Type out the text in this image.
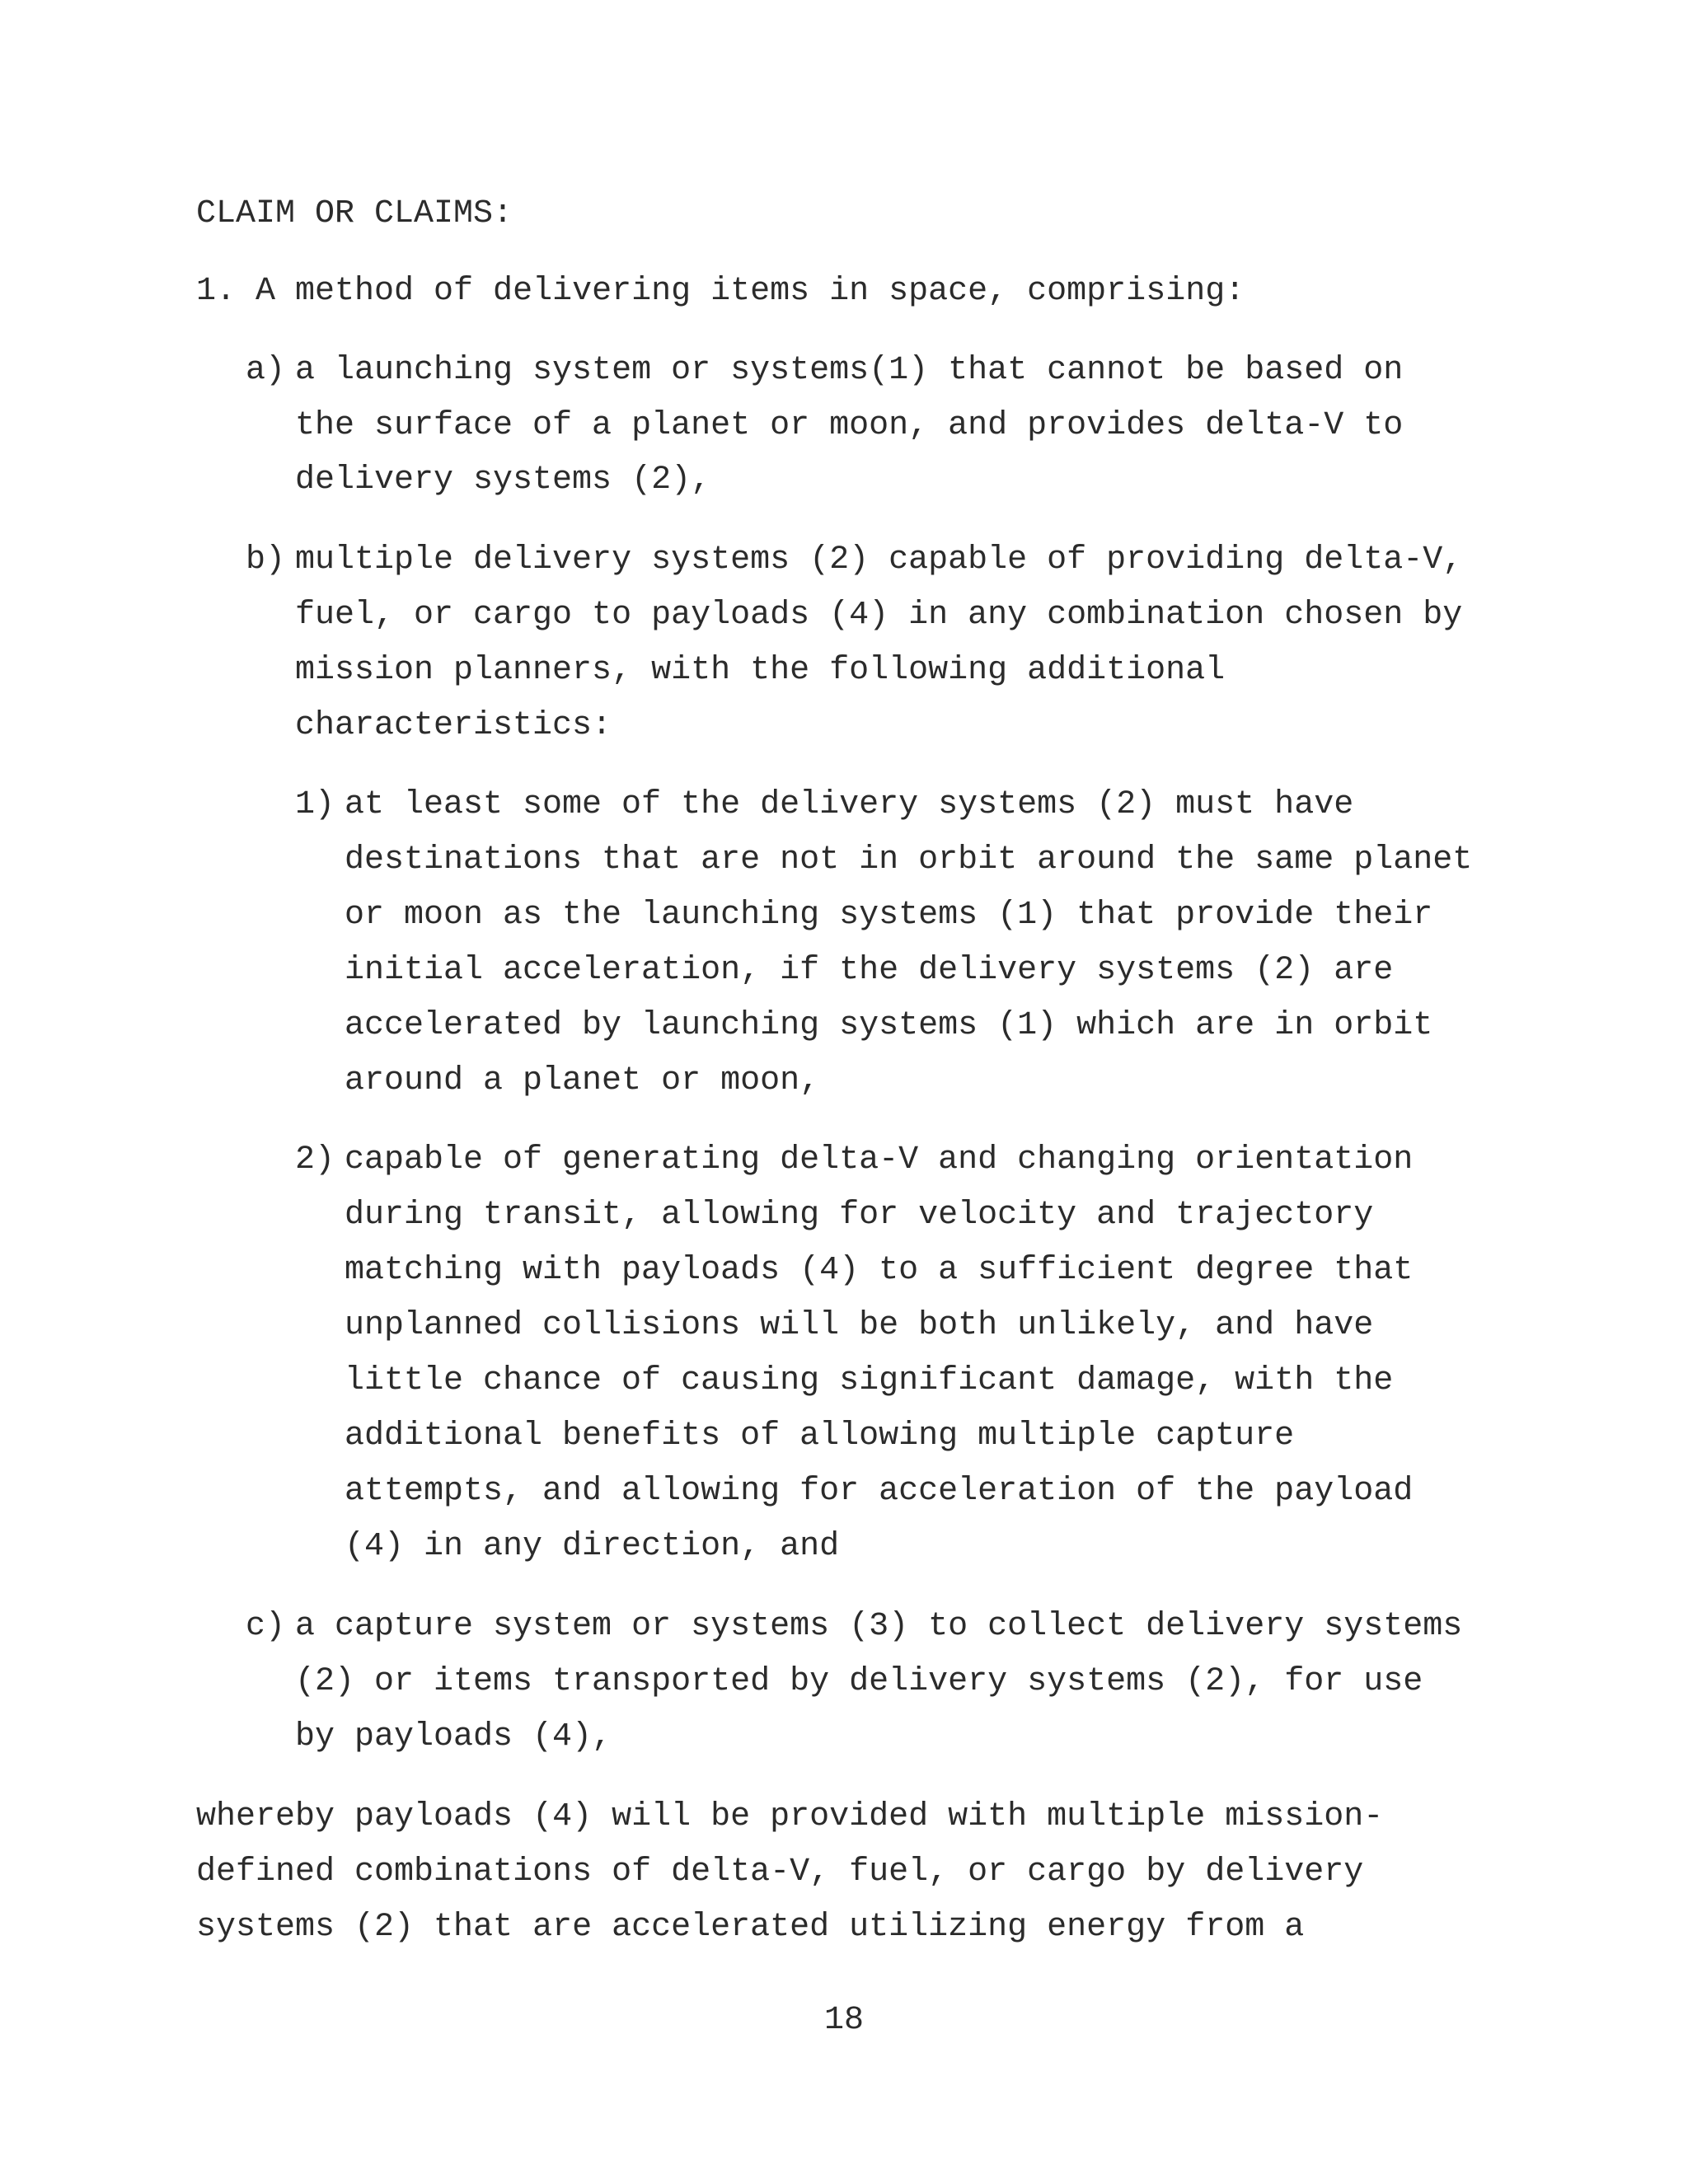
CLAIM OR CLAIMS:
1. A method of delivering items in space, comprising:
a) a launching system or systems(1) that cannot be based on
the surface of a planet or moon, and provides delta-V to
delivery systems (2),
b) multiple delivery systems (2) capable of providing delta-V,
fuel, or cargo to payloads (4) in any combination chosen by
mission planners, with the following additional
characteristics:
1) at least some of the delivery systems (2) must have
destinations that are not in orbit around the same planet
or moon as the launching systems (1) that provide their
initial acceleration, if the delivery systems (2) are
accelerated by launching systems (1) which are in orbit
around a planet or moon,
2) capable of generating delta-V and changing orientation
during transit, allowing for velocity and trajectory
matching with payloads (4) to a sufficient degree that
unplanned collisions will be both unlikely, and have
little chance of causing significant damage, with the
additional benefits of allowing multiple capture
attempts, and allowing for acceleration of the payload
(4) in any direction, and
c) a capture system or systems (3) to collect delivery systems
(2) or items transported by delivery systems (2), for use
by payloads (4),
whereby payloads (4) will be provided with multiple mission-
defined combinations of delta-V, fuel, or cargo by delivery
systems (2) that are accelerated utilizing energy from a
18
